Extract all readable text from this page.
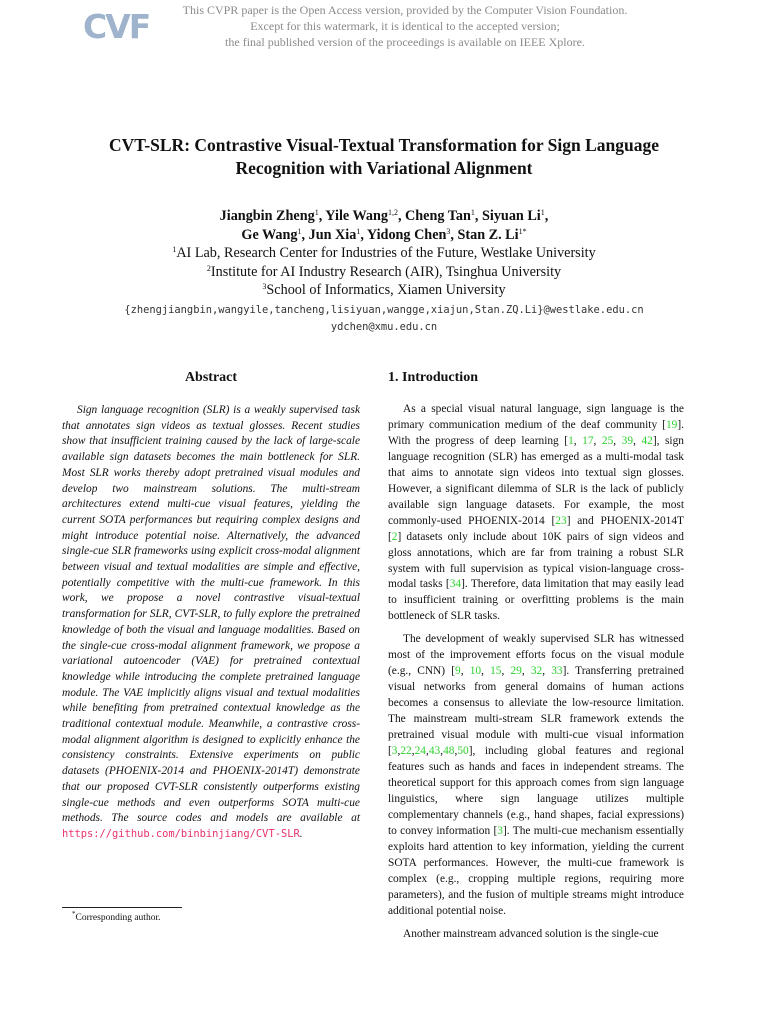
CVF	This CVPR paper is the Open Access version, provided by the Computer Vision Foundation.
Except for this watermark, it is identical to the accepted version;
the final published version of the proceedings is available on IEEE Xplore.
CVT-SLR: Contrastive Visual-Textual Transformation for Sign Language
Recognition with Variational Alignment
Jiangbin Zheng$^1$, Yile Wang$^{1,2}$, Cheng Tan$^1$, Siyuan Li$^1$,
Ge Wang$^1$, Jun Xia$^1$, Yidong Chen$^3$, Stan Z. $Li^{1*}$
$^1$AI Lab, Research Center for Industries of the Future, Westlake University
$^2$Institute for AI Industry Research (AIR), Tsinghua University
$^3$School of Informatics, Xiamen University
{zhengjiangbin,wangyile,tancheng,lisiyuan,wangge,xiajun,Stan.ZQ.Li}@westlake.edu.cn
ydchen@xmu.edu.cn
Abstract

Sign language recognition (SLR) is a weakly supervised task that annotates sign videos as textual glosses. Recent studies show that insufficient training caused by the lack of large-scale available sign datasets becomes the main bottleneck for SLR. Most SLR works thereby adopt pretrained visual modules and develop two mainstream solutions. The multi-stream architectures extend multi-cue visual features, yielding the current SOTA performances but requiring complex designs and might introduce potential noise. Alternatively, the advanced single-cue SLR frameworks using explicit cross-modal alignment between visual and textual modalities are simple and effective, potentially competitive with the multi-cue framework. In this work, we propose a novel contrastive visual-textual transformation for SLR, CVT-SLR, to fully explore the pretrained knowledge of both the visual and language modalities. Based on the single-cue cross-modal alignment framework, we propose a variational autoencoder (VAE) for pretrained contextual knowledge while introducing the complete pretrained language module. The VAE implicitly aligns visual and textual modalities while benefiting from pretrained contextual knowledge as the traditional contextual module. Meanwhile, a contrastive cross-modal alignment algorithm is designed to explicitly enhance the consistency constraints. Extensive experiments on public datasets (PHOENIX-2014 and PHOENIX-2014T) demonstrate that our proposed CVT-SLR consistently outperforms existing single-cue methods and even outperforms SOTA multi-cue methods. The source codes and models are available at https://github.com/binbinjiang/CVT-SLR.

*Corresponding author.
1. Introduction

As a special visual natural language, sign language is the primary communication medium of the deaf community [19]. With the progress of deep learning [1, 17, 25, 39, 42], sign language recognition (SLR) has emerged as a multi-modal task that aims to annotate sign videos into textual sign glosses. However, a significant dilemma of SLR is the lack of publicly available sign language datasets. For example, the most commonly-used PHOENIX-2014 [23] and PHOENIX-2014T [2] datasets only include about 10K pairs of sign videos and gloss annotations, which are far from training a robust SLR system with full supervision as typical vision-language cross-modal tasks [34]. Therefore, data limitation that may easily lead to insufficient training or overfitting problems is the main bottleneck of SLR tasks.

The development of weakly supervised SLR has witnessed most of the improvement efforts focus on the visual module (e.g., CNN) [9, 10, 15, 29, 32, 33]. Transferring pretrained visual networks from general domains of human actions becomes a consensus to alleviate the low-resource limitation. The mainstream multi-stream SLR framework extends the pretrained visual module with multi-cue visual information [3,22,24,43,48,50], including global features and regional features such as hands and faces in independent streams. The theoretical support for this approach comes from sign language linguistics, where sign language utilizes multiple complementary channels (e.g., hand shapes, facial expressions) to convey information [3]. The multi-cue mechanism essentially exploits hard attention to key information, yielding the current SOTA performances. However, the multi-cue framework is complex (e.g., cropping multiple regions, requiring more parameters), and the fusion of multiple streams might introduce additional potential noise.

Another mainstream advanced solution is the single-cue
